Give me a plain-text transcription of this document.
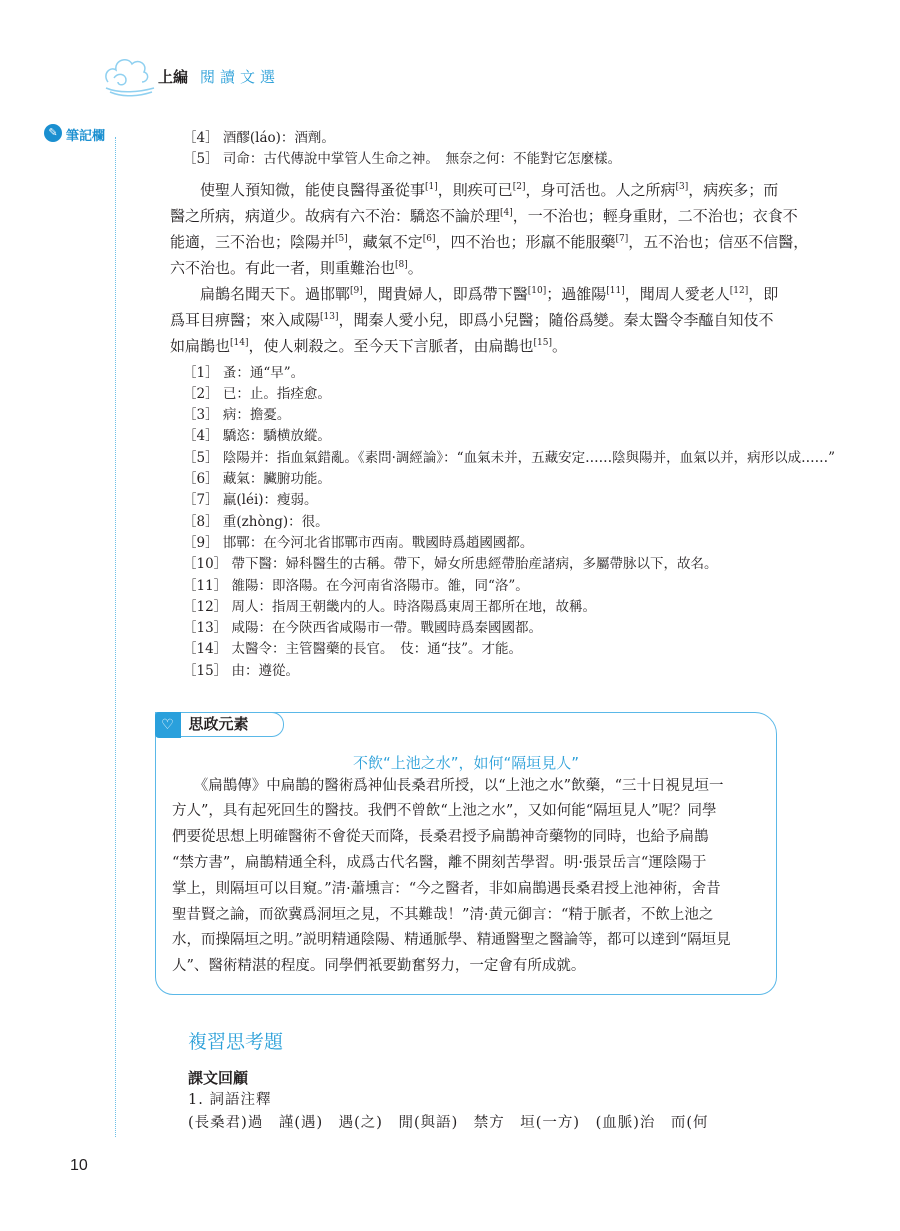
上編 閱讀文選
✎ 筆記欄	［4］ 酒醪(láo)：酒劑。
［5］ 司命：古代傳說中掌管人生命之神。　無奈之何：不能對它怎麼樣。
　　使聖人預知微，能使良醫得蚤從事[1]，則疾可已[2]，身可活也。人之所病[3]，病疾多；而
醫之所病，病道少。故病有六不治：驕恣不論於理[4]，一不治也；輕身重財，二不治也；衣食不
能適，三不治也；陰陽并[5]，藏氣不定[6]，四不治也；形羸不能服藥[7]，五不治也；信巫不信醫，
六不治也。有此一者，則重難治也[8]。
　　扁鵲名聞天下。過邯鄲[9]，聞貴婦人，即爲帶下醫[10]；過雒陽[11]，聞周人愛老人[12]，即
爲耳目痹醫；來入咸陽[13]，聞秦人愛小兒，即爲小兒醫；隨俗爲變。秦太醫令李醯自知伎不
如扁鵲也[14]，使人刺殺之。至今天下言脈者，由扁鵲也[15]。
［1］ 蚤：通“早”。
［2］ 已：止。指痊愈。
［3］ 病：擔憂。
［4］ 驕恣：驕横放縱。
［5］ 陰陽并：指血氣錯亂。《素問·調經論》：“血氣未并，五藏安定……陰與陽并，血氣以并，病形以成……”
［6］ 藏氣：臟腑功能。
［7］ 羸(léi)：瘦弱。
［8］ 重(zhòng)：很。
［9］ 邯鄲：在今河北省邯鄲市西南。戰國時爲趙國國都。
［10］ 帶下醫：婦科醫生的古稱。帶下，婦女所患經帶胎産諸病，多屬帶脉以下，故名。
［11］ 雒陽：即洛陽。在今河南省洛陽市。雒，同“洛”。
［12］ 周人：指周王朝畿内的人。時洛陽爲東周王都所在地，故稱。
［13］ 咸陽：在今陝西省咸陽市一帶。戰國時爲秦國國都。
［14］ 太醫令：主管醫藥的長官。　伎：通“技”。才能。
［15］ 由：遵從。
♡ 思政元素
不飲“上池之水”，如何“隔垣見人”
　　《扁鵲傳》中扁鵲的醫術爲神仙長桑君所授，以“上池之水”飲藥，“三十日視見垣一
方人”，具有起死回生的醫技。我們不曾飲“上池之水”，又如何能“隔垣見人”呢？同學
們要從思想上明確醫術不會從天而降，長桑君授予扁鵲神奇藥物的同時，也給予扁鵲
“禁方書”，扁鵲精通全科，成爲古代名醫，離不開刻苦學習。明·張景岳言“運陰陽于
掌上，則隔垣可以目窺。”清·蕭壎言：“今之醫者，非如扁鵲遇長桑君授上池神術，舍昔
聖昔賢之論，而欲冀爲洞垣之見，不其難哉！”清·黄元御言：“精于脈者，不飲上池之
水，而操隔垣之明。”説明精通陰陽、精通脈學、精通醫聖之醫論等，都可以達到“隔垣見
人”、醫術精湛的程度。同學們衹要勤奮努力，一定會有所成就。
複習思考題
課文回顧
1. 詞語注釋
(長桑君)過　謹(遇)　遇(之)　閒(與語)　禁方　垣(一方)　(血脈)治　而(何
10
